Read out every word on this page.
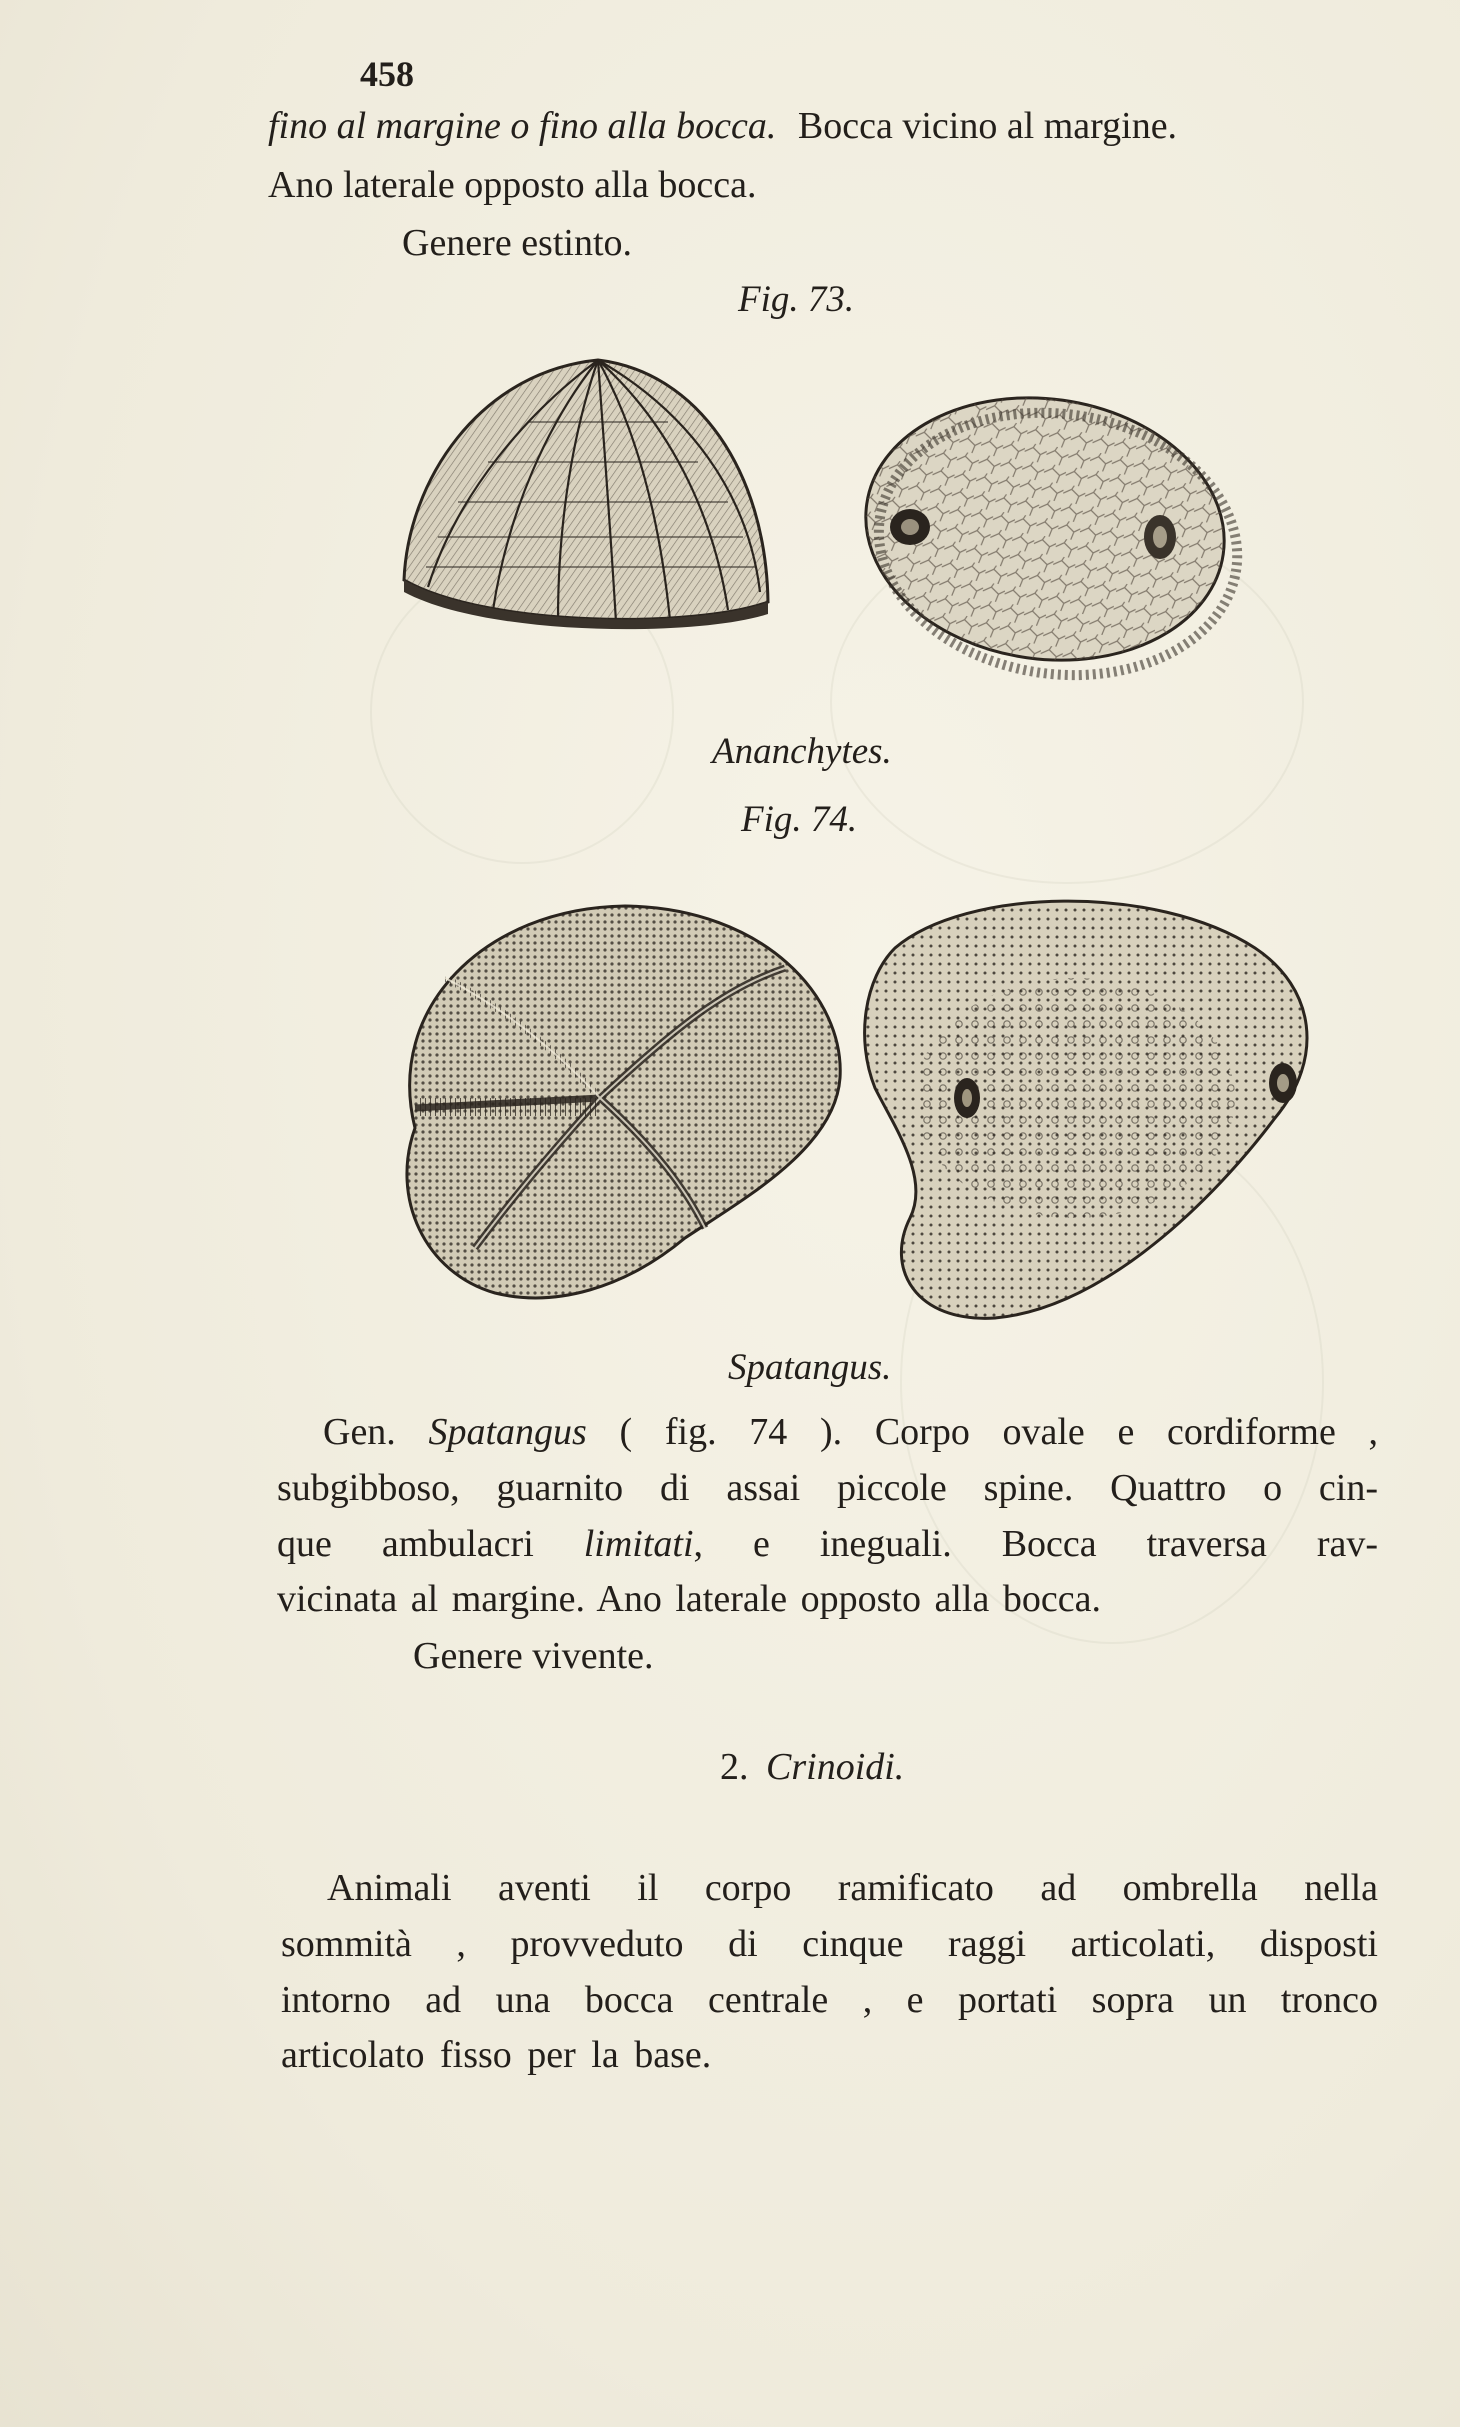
458
fino al margine o fino alla bocca. Bocca vicino al margine.
Ano laterale opposto alla bocca.
Genere estinto.
Fig. 73.
Ananchytes.
Fig. 74.
Spatangus.
Gen. Spatangus ( fig. 74 ). Corpo ovale e cordiforme ,
subgibboso, guarnito di assai piccole spine. Quattro o cin-
que ambulacri limitati, e ineguali. Bocca traversa rav-
vicinata al margine. Ano laterale opposto alla bocca.
Genere vivente.
2. Crinoidi.
Animali aventi il corpo ramificato ad ombrella nella
sommità , provveduto di cinque raggi articolati, disposti
intorno ad una bocca centrale , e portati sopra un tronco
articolato fisso per la base.
